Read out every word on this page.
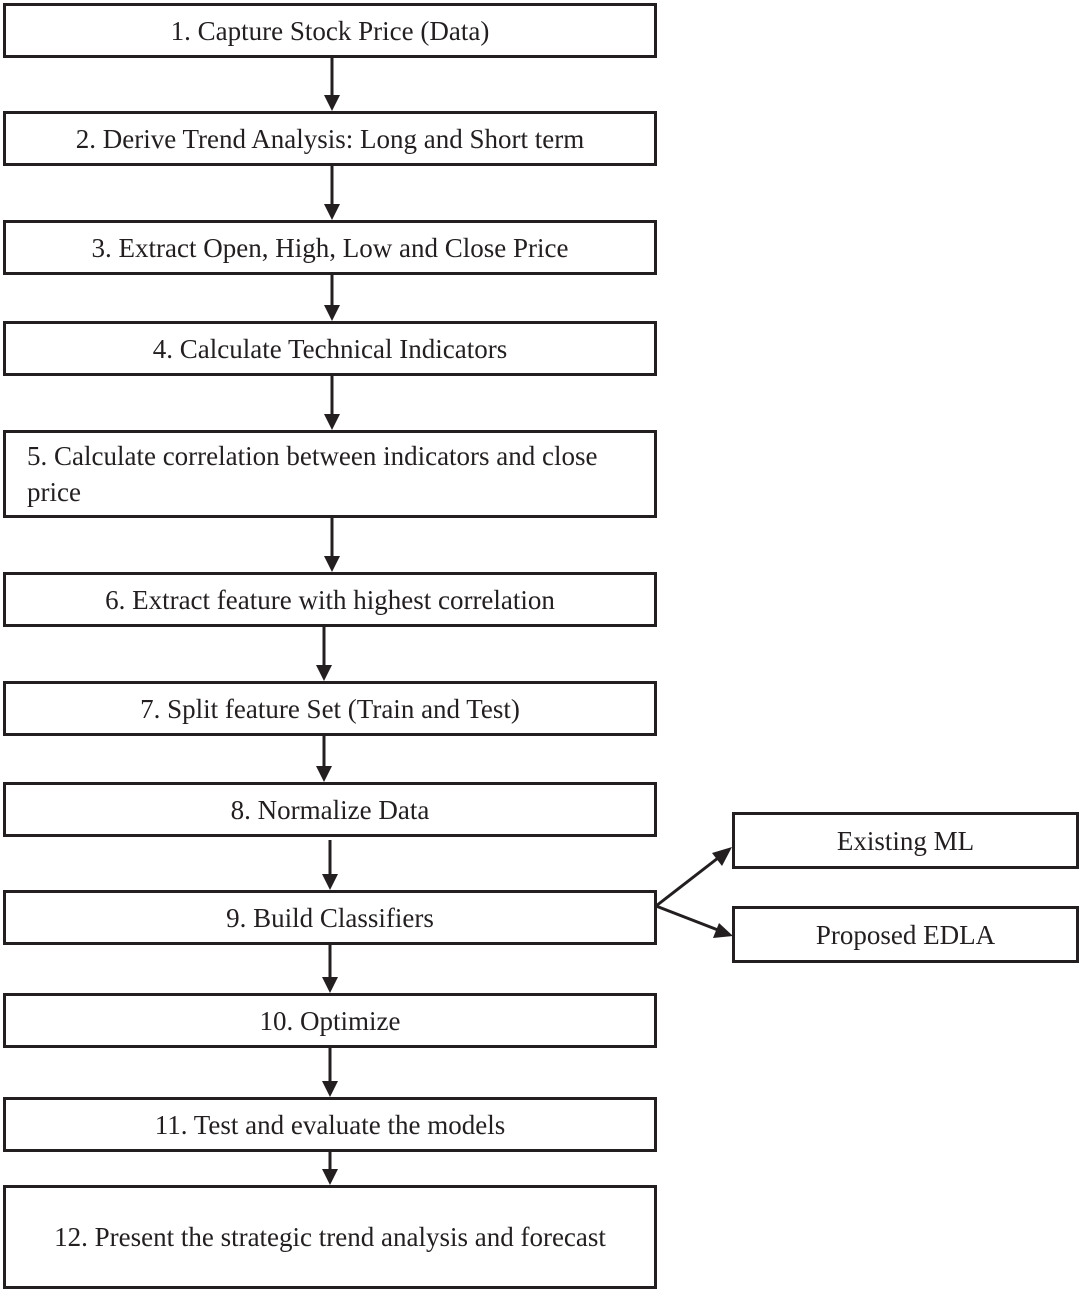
1. Capture Stock Price (Data)
2. Derive Trend Analysis: Long and Short term
3. Extract Open, High, Low and Close Price
4. Calculate Technical Indicators
5. Calculate correlation between indicators and close price
6. Extract feature with highest correlation
7. Split feature Set (Train and Test)
8. Normalize Data
9. Build Classifiers
10. Optimize
11. Test and evaluate the models
12. Present the strategic trend analysis and forecast
Existing ML
Proposed EDLA
